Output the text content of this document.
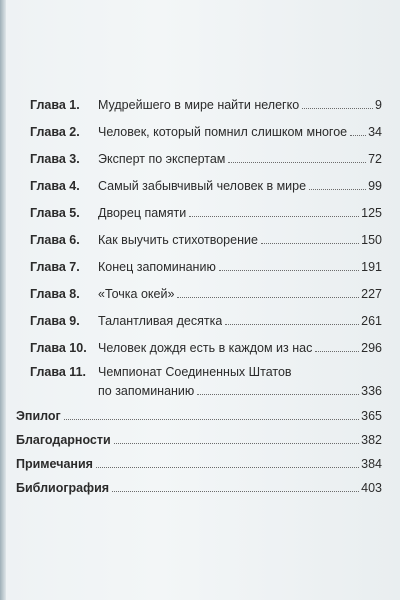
Глава 1.	Мудрейшего в мире найти нелегко	9
Глава 2.	Человек, который помнил слишком многое 34
Глава 3.	Эксперт по экспертам	72
Глава 4.	Самый забывчивый человек в мире	99
Глава 5.	Дворец памяти	125
Глава 6.	Как выучить стихотворение	150
Глава 7.	Конец запоминанию	191
Глава 8.	«Точка окей»	227
Глава 9.	Талантливая десятка	261
Глава 10. Человек дождя есть в каждом из нас	296
Глава 11. Чемпионат Соединенных Штатов
по запоминанию	336
Эпилог	365
Благодарности	382
Примечания	384
Библиография	403
